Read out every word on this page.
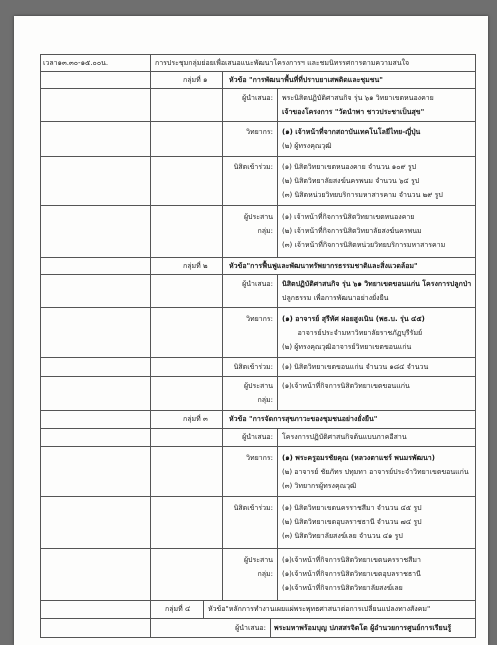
เวลา๑๓.๓๐-๑๕.๐๐น.	การประชุมกลุ่มย่อยเพื่อเสนอแนะพัฒนาโครงการฯ และชมนิทรรศการตามความสนใจ
กลุ่มที่ ๑	หัวข้อ "การพัฒนาพื้นที่ที่ปราบยาเสพติดและชุมชน"
ผู้นำเสนอ: พระนิสิตปฏิบัติศาสนกิจ รุ่น ๖๑ วิทยาเขตหนองคาย
เจ้าของโครงการ "วัดนำพา ชาวประชาเป็นสุข"
วิทยากร: (๑) เจ้าหน้าที่จากสถาบันเทคโนโลยีไทย-ญี่ปุ่น
(๒) ผู้ทรงคุณวุฒิ
นิสิตเข้าร่วม: (๑) นิสิตวิทยาเขตหนองคาย จำนวน ๑๐๙ รูป
(๒) นิสิตวิทยาลัยสงฆ์นครพนม จำนวน ๖๔ รูป
(๓) นิสิตหน่วยวิทยบริการมหาสารคาม จำนวน ๒๙ รูป
ผู้ประสาน
กลุ่ม:
(๑) เจ้าหน้าที่กิจการนิสิตวิทยาเขตหนองคาย
(๒) เจ้าหน้าที่กิจการนิสิตวิทยาลัยสงฆ์นครพนม
(๓) เจ้าหน้าที่กิจการนิสิตหน่วยวิทยบริการมหาสารคาม
กลุ่มที่ ๒	หัวข้อ"การฟื้นฟูและพัฒนาทรัพยากรธรรมชาติและสิ่งแวดล้อม"
ผู้นำเสนอ: นิสิตปฏิบัติศาสนกิจ รุ่น ๖๑ วิทยาเขตขอนแก่น โครงการปลูกป่า
ปลูกธรรม เพื่อการพัฒนาอย่างยั่งยืน
วิทยากร: (๑) อาจารย์ สุรีทัศ ฝอยสูงเนิน (พธ.บ. รุ่น ๔๕)
อาจารย์ประจำมหาวิทยาลัยราชภัฏบุรีรัมย์
(๒) ผู้ทรงคุณวุฒิอาจารย์วิทยาเขตขอนแก่น
นิสิตเข้าร่วม: (๑) นิสิตวิทยาเขตขอนแก่น จำนวน ๑๘๔ จำนวน
ผู้ประสาน
กลุ่ม:
(๑)เจ้าหน้าที่กิจการนิสิตวิทยาเขตขอนแก่น
กลุ่มที่ ๓	หัวข้อ "การจัดการสุขภาวะของชุมชนอย่างยั่งยืน"
ผู้นำเสนอ: โครงการปฏิบัติศาสนกิจต้นแบบภาคอีสาน
วิทยากร: (๑) พระครูอมรชัยคุณ (หลวงตาแชร์ พนมรพัฒนา)
(๒) อาจารย์ ชัยภัทร ปทุมทา อาจารย์ประจำวิทยาเขตขอนแก่น
(๓) วิทยากรผู้ทรงคุณวุฒิ
นิสิตเข้าร่วม: (๑) นิสิตวิทยาเขตนครราชสีมา จำนวน ๔๕ รูป
(๒) นิสิตวิทยาเขตอุบลราชธานี จำนวน ๗๔ รูป
(๓) นิสิตวิทยาลัยสงฆ์เลย จำนวน ๔๑ รูป
ผู้ประสาน
กลุ่ม:
(๑)เจ้าหน้าที่กิจการนิสิตวิทยาเขตนครราชสีมา
(๑)เจ้าหน้าที่กิจการนิสิตวิทยาเขตอุบลราชธานี
(๑)เจ้าหน้าที่กิจการนิสิตวิทยาลัยสงฆ์เลย
กลุ่มที่ ๔	หัวข้อ"หลักการทำงานเผยแผ่พระพุทธศาสนาต่อการเปลี่ยนแปลงทางสังคม"
ผู้นำเสนอ: พระมหาพร้อมบุญ ปภสสรจิตโต ผู้อำนวยการศูนย์การเรียนรู้
